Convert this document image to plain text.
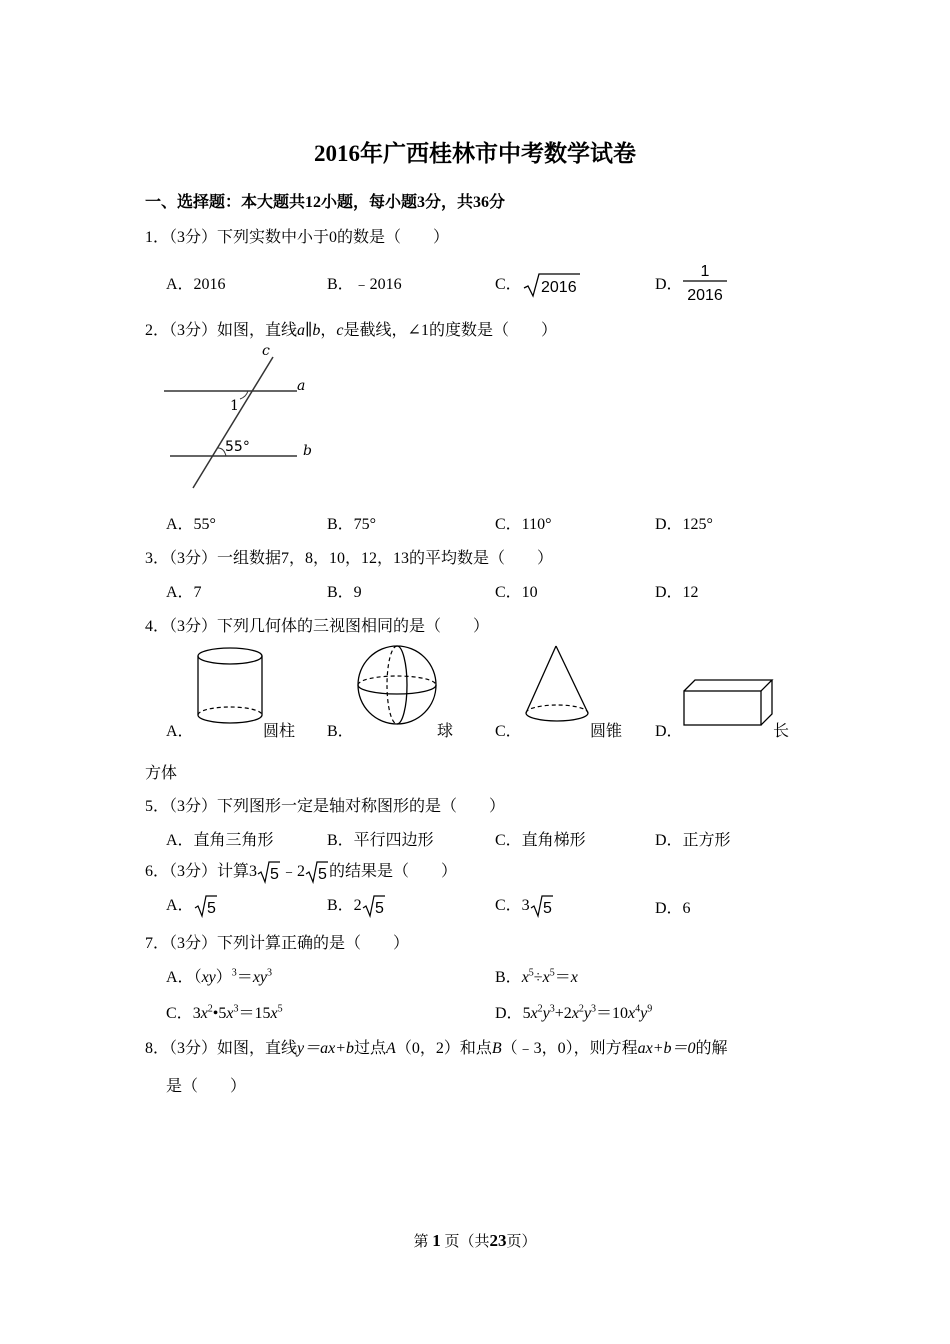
2016年广西桂林市中考数学试卷
一、选择题：本大题共12小题，每小题3分，共36分
1．（3分）下列实数中小于0的数是（　　）
A．2016	B．﹣2016	C． 2016	D．
1
2016
2．（3分）如图，直线a∥b，c是截线，∠1的度数是（　　）
c
a
b
1
55°
A．55°	B．75°	C．110°	D．125°
3．（3分）一组数据7，8，10，12，13的平均数是（　　）
A．7	B．9	C．10	D．12
4．（3分）下列几何体的三视图相同的是（　　）
A．	圆柱 B．	球	C．	圆锥 D．	长
方体
5．（3分）下列图形一定是轴对称图形的是（　　）
A．直角三角形	B．平行四边形	C．直角梯形	D．正方形
6．（3分）计算3 5 ﹣2 5 的结果是（　　）
A． 5	B．2 5	C．3 5	D．6
7．（3分）下列计算正确的是（　　）
A．$(xy)^3=xy^3$	B．$x^5\div x^5=x$
C．$3x^2•5x^3=15x^5$	D．$5x^2y^3+2x^2y^3=10x^4y^9$
8．（3分）如图，直线y＝ax+b过点A（0，2）和点B（﹣3，0），则方程ax+b＝0的解
是（　　）
第 1 页（共23页）
